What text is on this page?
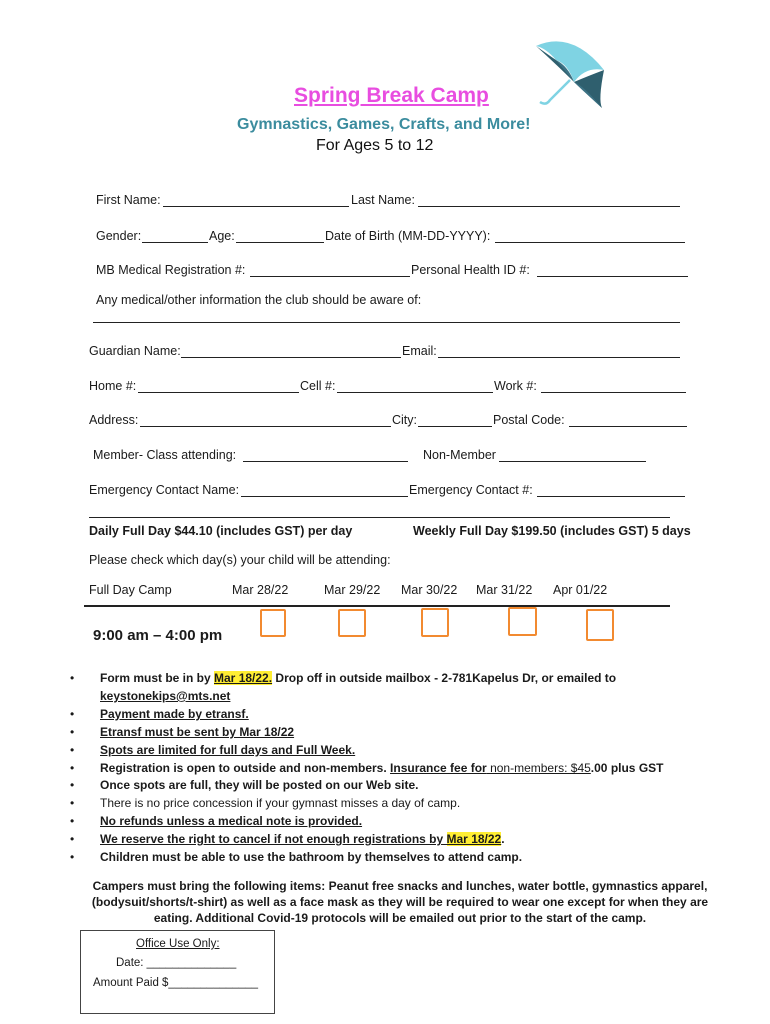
Spring Break Camp
Gymnastics, Games, Crafts, and More!
For Ages 5 to 12
First Name:	Last Name:
Gender:	Age:	Date of Birth (MM-DD-YYYY):
MB Medical Registration #:	Personal Health ID #:
Any medical/other information the club should be aware of:
Guardian Name:	Email:
Home #:	Cell #:	Work #:
Address:	City:	Postal Code:
Member- Class attending:	Non-Member
Emergency Contact Name:	Emergency Contact #:
Daily Full Day $44.10 (includes GST) per day	Weekly Full Day $199.50 (includes GST) 5 days
Please check which day(s) your child will be attending:
Full Day Camp	Mar 28/22	Mar 29/22 Mar 30/22 Mar 31/22 Apr 01/22
9:00 am – 4:00 pm
• Form must be in by Mar 18/22. Drop off in outside mailbox - 2-781Kapelus Dr, or emailed to
keystonekips@mts.net
• Payment made by etransf.
• Etransf must be sent by Mar 18/22
• Spots are limited for full days and Full Week.
• Registration is open to outside and non-members. Insurance fee for non-members: $45.00 plus GST
• Once spots are full, they will be posted on our Web site.
• There is no price concession if your gymnast misses a day of camp.
• No refunds unless a medical note is provided.
• We reserve the right to cancel if not enough registrations by Mar 18/22.
• Children must be able to use the bathroom by themselves to attend camp.
Campers must bring the following items: Peanut free snacks and lunches, water bottle, gymnastics apparel, (bodysuit/shorts/t-shirt) as well as a face mask as they will be required to wear one except for when they are eating. Additional Covid-19 protocols will be emailed out prior to the start of the camp.
Office Use Only:
Date: ______________
Amount Paid $______________
